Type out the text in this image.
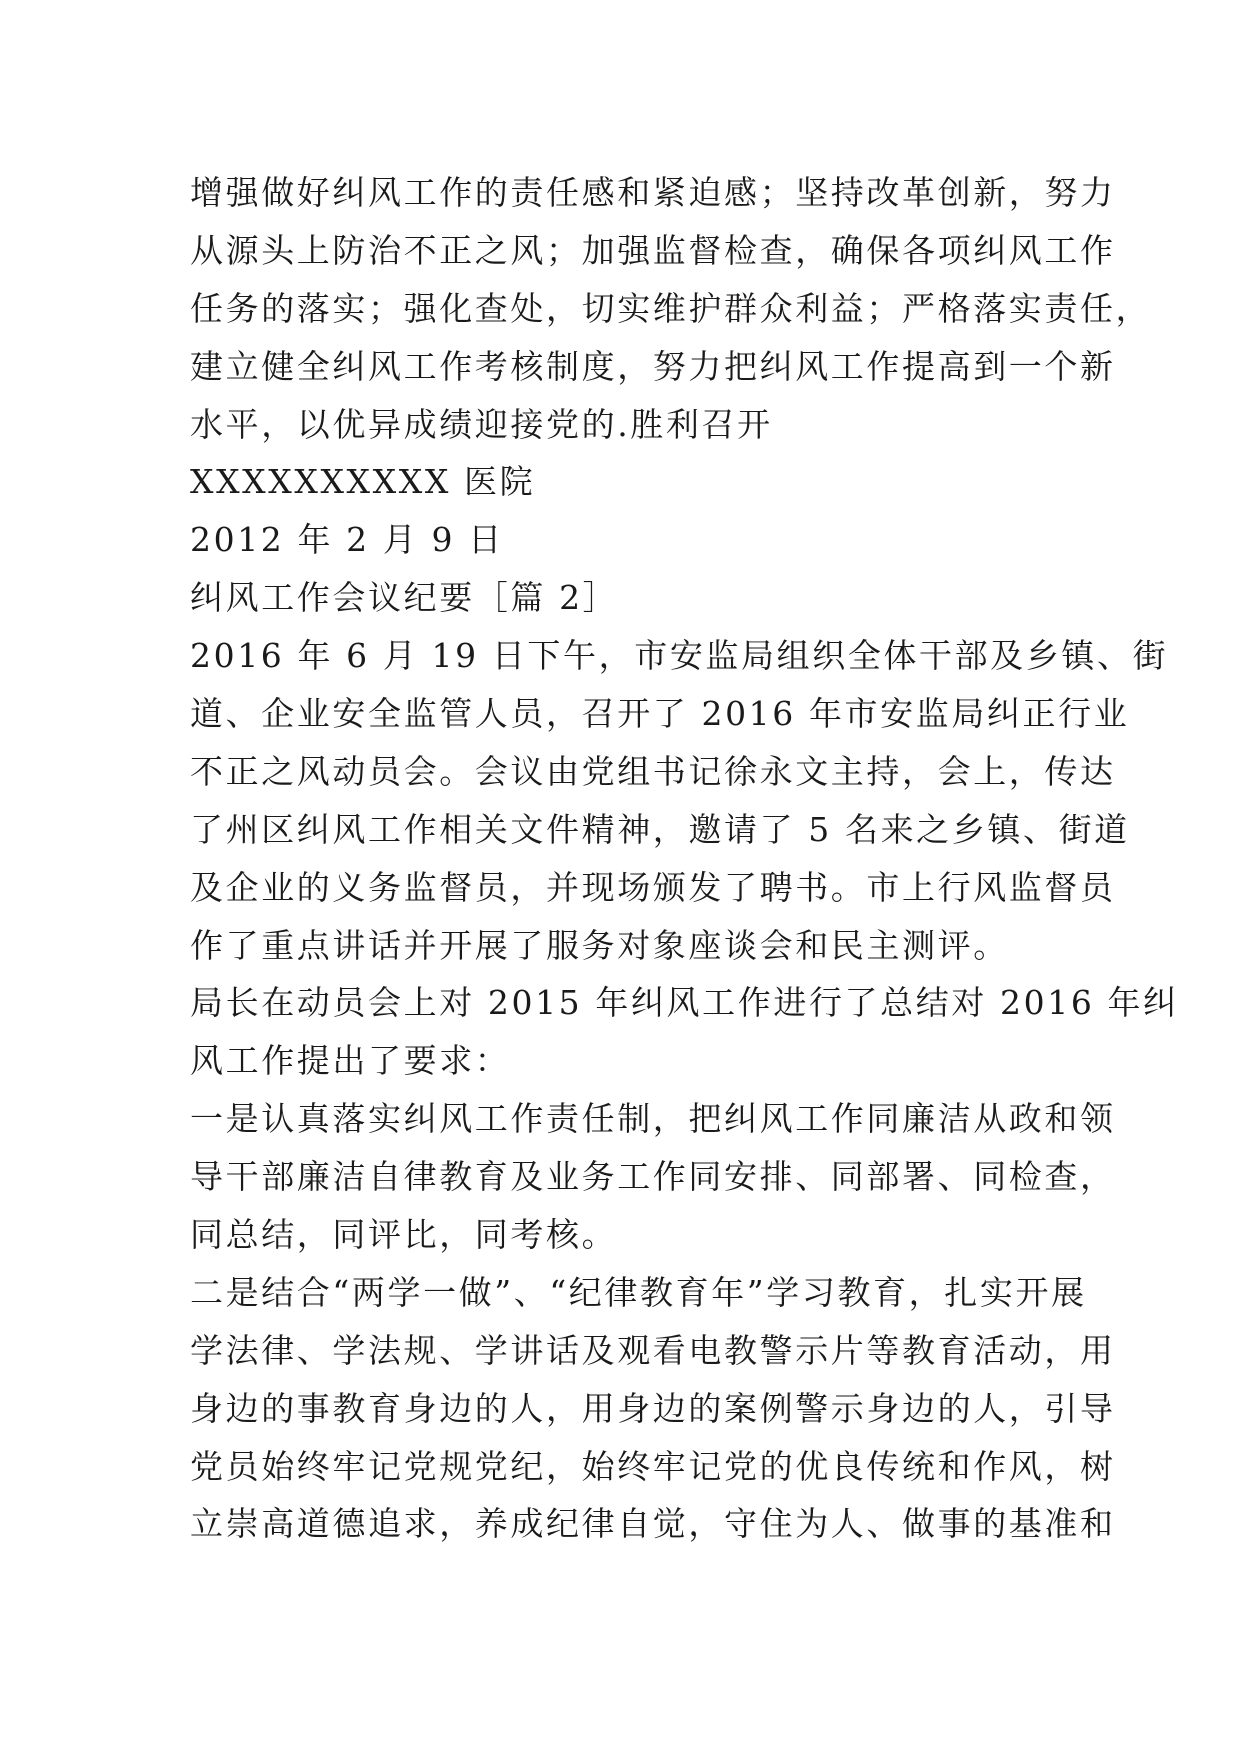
增强做好纠风工作的责任感和紧迫感；坚持改革创新，努力
从源头上防治不正之风；加强监督检查，确保各项纠风工作
任务的落实；强化查处，切实维护群众利益；严格落实责任，
建立健全纠风工作考核制度，努力把纠风工作提高到一个新
水平，以优异成绩迎接党的.胜利召开
XXXXXXXXXX 医院
2012 年 2 月 9 日
纠风工作会议纪要［篇 2］
2016 年 6 月 19 日下午，市安监局组织全体干部及乡镇、街
道、企业安全监管人员，召开了 2016 年市安监局纠正行业
不正之风动员会。会议由党组书记徐永文主持，会上，传达
了州区纠风工作相关文件精神，邀请了 5 名来之乡镇、街道
及企业的义务监督员，并现场颁发了聘书。市上行风监督员
作了重点讲话并开展了服务对象座谈会和民主测评。
局长在动员会上对 2015 年纠风工作进行了总结对 2016 年纠
风工作提出了要求：
一是认真落实纠风工作责任制，把纠风工作同廉洁从政和领
导干部廉洁自律教育及业务工作同安排、同部署、同检查，
同总结，同评比，同考核。
二是结合“两学一做”、“纪律教育年”学习教育，扎实开展
学法律、学法规、学讲话及观看电教警示片等教育活动，用
身边的事教育身边的人，用身边的案例警示身边的人，引导
党员始终牢记党规党纪，始终牢记党的优良传统和作风，树
立崇高道德追求，养成纪律自觉，守住为人、做事的基准和
